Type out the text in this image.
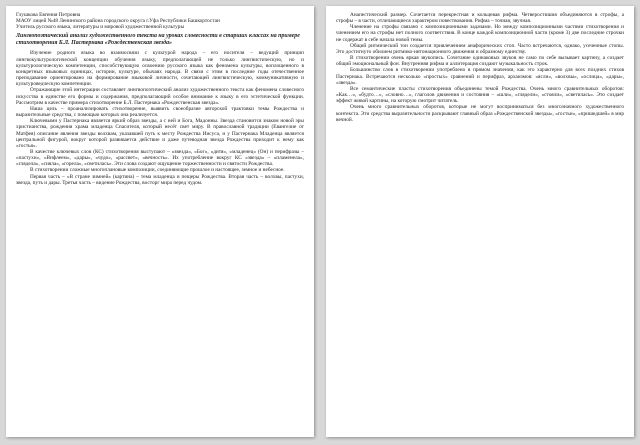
Глушкова Евгения Петровна

МАОУ лицей №48 Ленинского района городского округа г.Уфа Республики Башкортостан

Учитель русского языка, литературы и мировой художественной культуры

Лингвопоэтический анализ художественного текста на уроках словесности в старших классах на примере стихотворения Б.Л. Пастернака «Рождественская звезда»

Изучение родного языка во взаимосвязи с культурой народа – его носителя – ведущий принцип лингвокультурологической концепции обучения языку, предполагающей не только лингвистическую, но и культурологическую компетенции, способствующую освоению русского языка как феномена культуры, воплощенного в конкретных языковых единицах, истории, культуре, обычаях народа. В связи с этим в последние годы отечественное преподавание ориентировано на формирование языковой личности, сочетающей лингвистическую, коммуникативную и культуроведческую компетенции.

Отражающие этой интеграции составляет лингвопоэтический анализ художественного текста как феномена словесного искусства в единстве его формы и содержания, предполагающий особое внимание к языку в его эстетической функции. Рассмотрим в качестве примера стихотворение Б.Л. Пастернака «Рождественская звезда».

Наша цель – проанализировать стихотворение, выявить своеобразие авторской трактовки темы Рождества и выразительные средства, с помощью которых она реализуется.

Ключевыми у Пастернака является яркий образ звезды, а с ней и Бога, Мадонны. Звезда становится знаком новой эры христианства, рождения храма младенца Спасителя, который несёт свет миру. В православной традиции (Евангелие от Матфея) описание явления звезды волхвам, указавшей путь к месту Рождества Иисуса, и у Пастернака Младенца является центральной фигурой, вокруг которой развивается действие и даже путеводная звезда Рождества приходит к нему как «гостья».

В качестве ключевых слов (КС) стихотворения выступают – «звезда», «Бог», «дитя», «младенец» (Он) и перифразы – «пастухи», «Вифлеем», «дары», «чудо», «рассвет», «вечность». Их употребление вокруг КС «звезда» – «пламенела», «глядела», «сияла», «горела», «светилась». Эти слова создают ощущение торжественности и святости Рождества.

В стихотворении сложные многоплановые композиции, соединяющие прошлое и настоящее, земное и небесное.

Первая часть – «В стране зимней» (картина) – тема младенца и пещеры Рождества. Вторая часть – волхвы, пастухи, звезда, путь и дары. Третья часть – видение Рождества, восторг мира перед чудом.

Анапестический размер. Сочетается перекрестная и кольцевая рифма. Четверостишия объединяются в строфы, а строфы – в части, отличающиеся характером повествования. Рифма – точная, звучная.

Членение на строфы связано с композиционными задачами. Но между композиционными частями стихотворения и членением его на строфы нет полного соответствия. В конце каждой композиционной части (кроме 3) две последние строчки не содержат в себе начала новой темы.

Общий ритмический тон создается привлечением анафорических стоп. Часто встречаются, однако, усеченные стопы. Это достигнуто обилием ритмико-интонационного движения и образному единству.

В стихотворении очень яркая звукопись. Сочетание одинаковых звуков не само по себе вызывает картину, а создает общий эмоциональный фон. Внутренняя рифма и аллитерация создают музыкальность строк.

Большинство слов в стихотворении употреблено в прямом значении, как это характерно для всех поздних стихов Пастернака. Встречаются несколько «простых» сравнений и перифраз, архаизмов: «ясли», «волхвы», «ослица», «дары», «звезда».

Все семантические пласты стихотворения объединены темой Рождества. Очень много сравнительных оборотов: «Как…», «будто…», «словно…», глаголов движения и состояния – «шли», «глядели», «стояли», «светилась». Это создает эффект живой картины, на которую смотрит читатель.

Очень много сравнительных оборотов, которые не могут восприниматься без многозначного художественного контекста. Эти средства выразительности раскрывают главный образ «Рождественской звезды», «гостьи», «пришедшей» в мир вечной.
